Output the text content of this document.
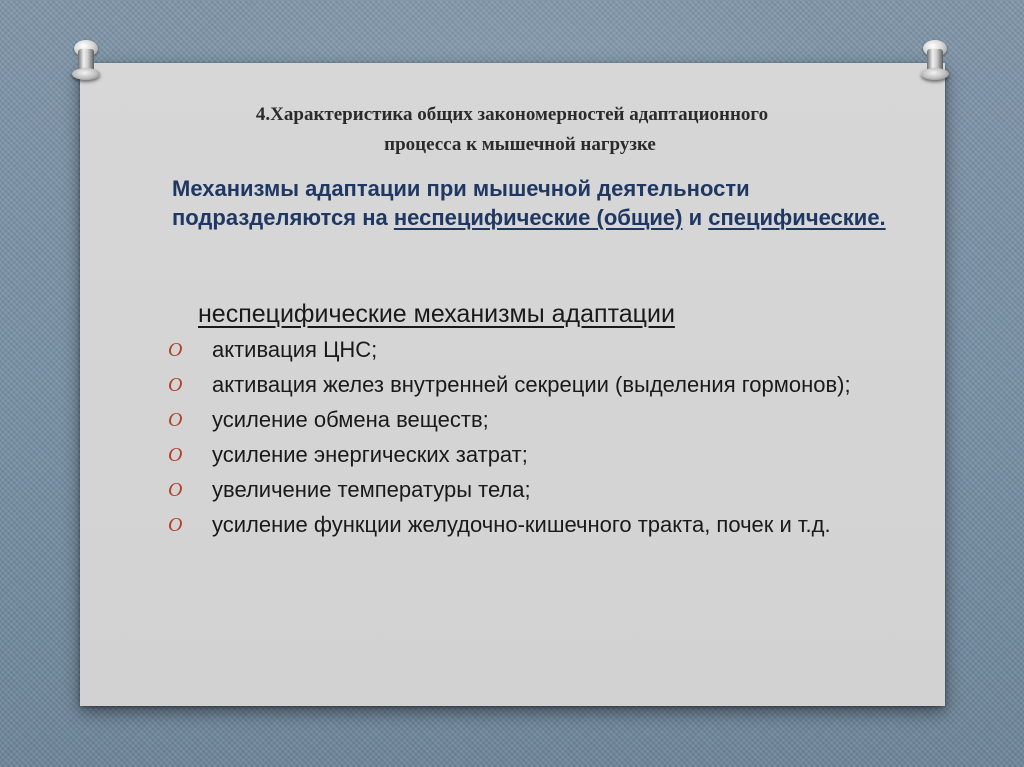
4.Характеристика общих закономерностей адаптационного
процесса к мышечной нагрузке
Механизмы адаптации при мышечной деятельности подразделяются на неспецифические (общие) и специфические.
неспецифические механизмы адаптации
O	активация ЦНС;
O	активация желез внутренней секреции (выделения гормонов);
O	усиление обмена веществ;
O	усиление энергических затрат;
O	увеличение температуры тела;
O	усиление функции желудочно-кишечного тракта, почек и т.д.
